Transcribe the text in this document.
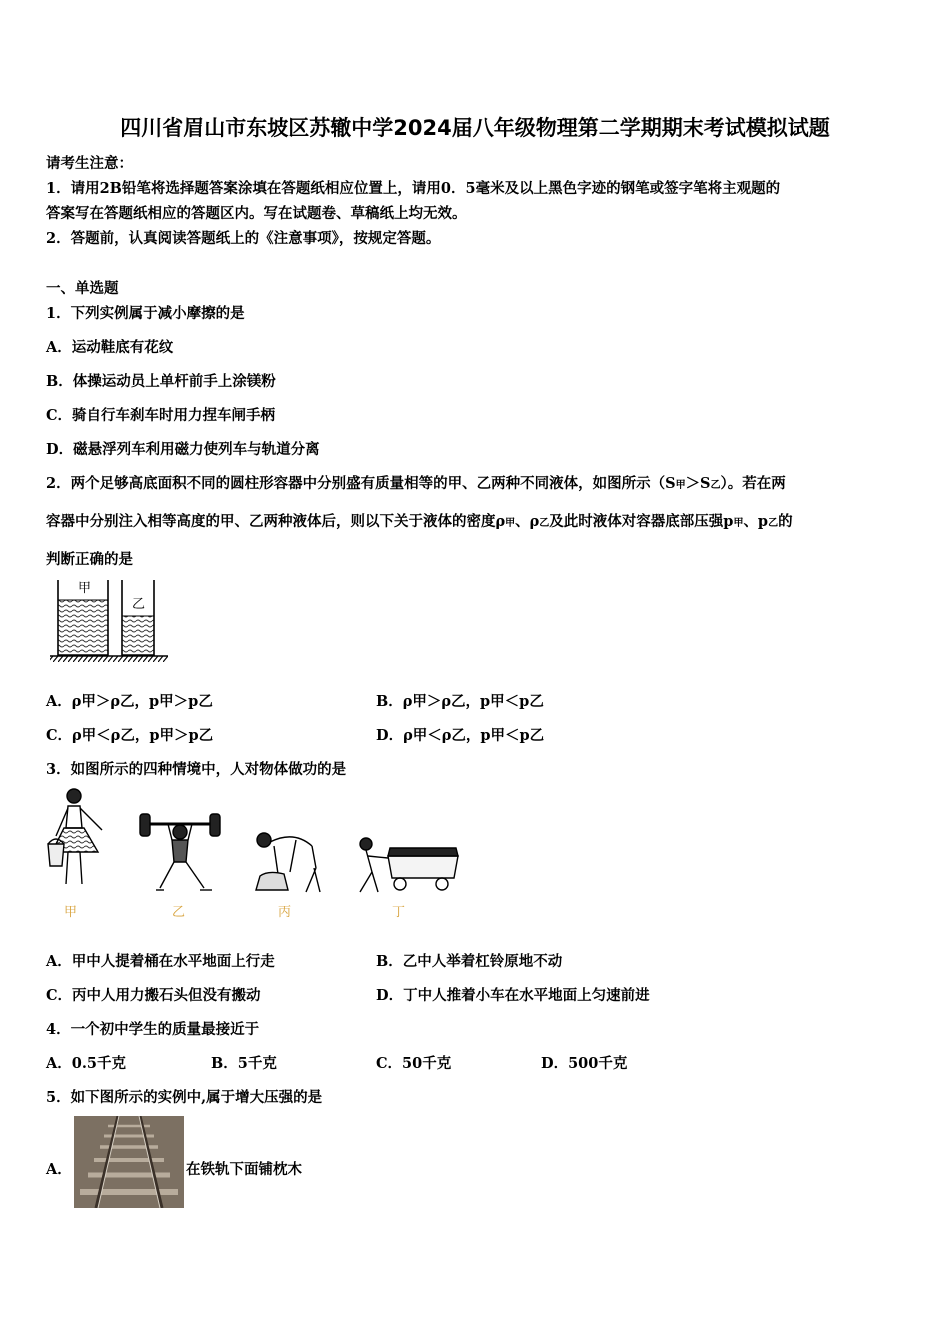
四川省眉山市东坡区苏辙中学2024届八年级物理第二学期期末考试模拟试题
请考生注意：
1．请用2B铅笔将选择题答案涂填在答题纸相应位置上，请用0．5毫米及以上黑色字迹的钢笔或签字笔将主观题的
答案写在答题纸相应的答题区内。写在试题卷、草稿纸上均无效。
2．答题前，认真阅读答题纸上的《注意事项》，按规定答题。
一、单选题
1．下列实例属于减小摩擦的是
A．运动鞋底有花纹
B．体操运动员上单杆前手上涂镁粉
C．骑自行车刹车时用力捏车闸手柄
D．磁悬浮列车利用磁力使列车与轨道分离
2．两个足够高底面积不同的圆柱形容器中分别盛有质量相等的甲、乙两种不同液体，如图所示（S甲＞S乙）。若在两
容器中分别注入相等高度的甲、乙两种液体后，则以下关于液体的密度ρ甲、ρ乙及此时液体对容器底部压强p甲、p乙的
判断正确的是
甲
乙
A．ρ甲＞ρ乙，p甲＞p乙	B．ρ甲＞ρ乙，p甲＜p乙
C．ρ甲＜ρ乙，p甲＞p乙	D．ρ甲＜ρ乙，p甲＜p乙
3．如图所示的四种情境中，人对物体做功的是
甲	乙	丙	丁
A．甲中人提着桶在水平地面上行走	B．乙中人举着杠铃原地不动
C．丙中人用力搬石头但没有搬动	D．丁中人推着小车在水平地面上匀速前进
4．一个初中学生的质量最接近于
A．0.5千克	B．5千克	C．50千克	D．500千克
5．如下图所示的实例中,属于增大压强的是
A．	在铁轨下面铺枕木
